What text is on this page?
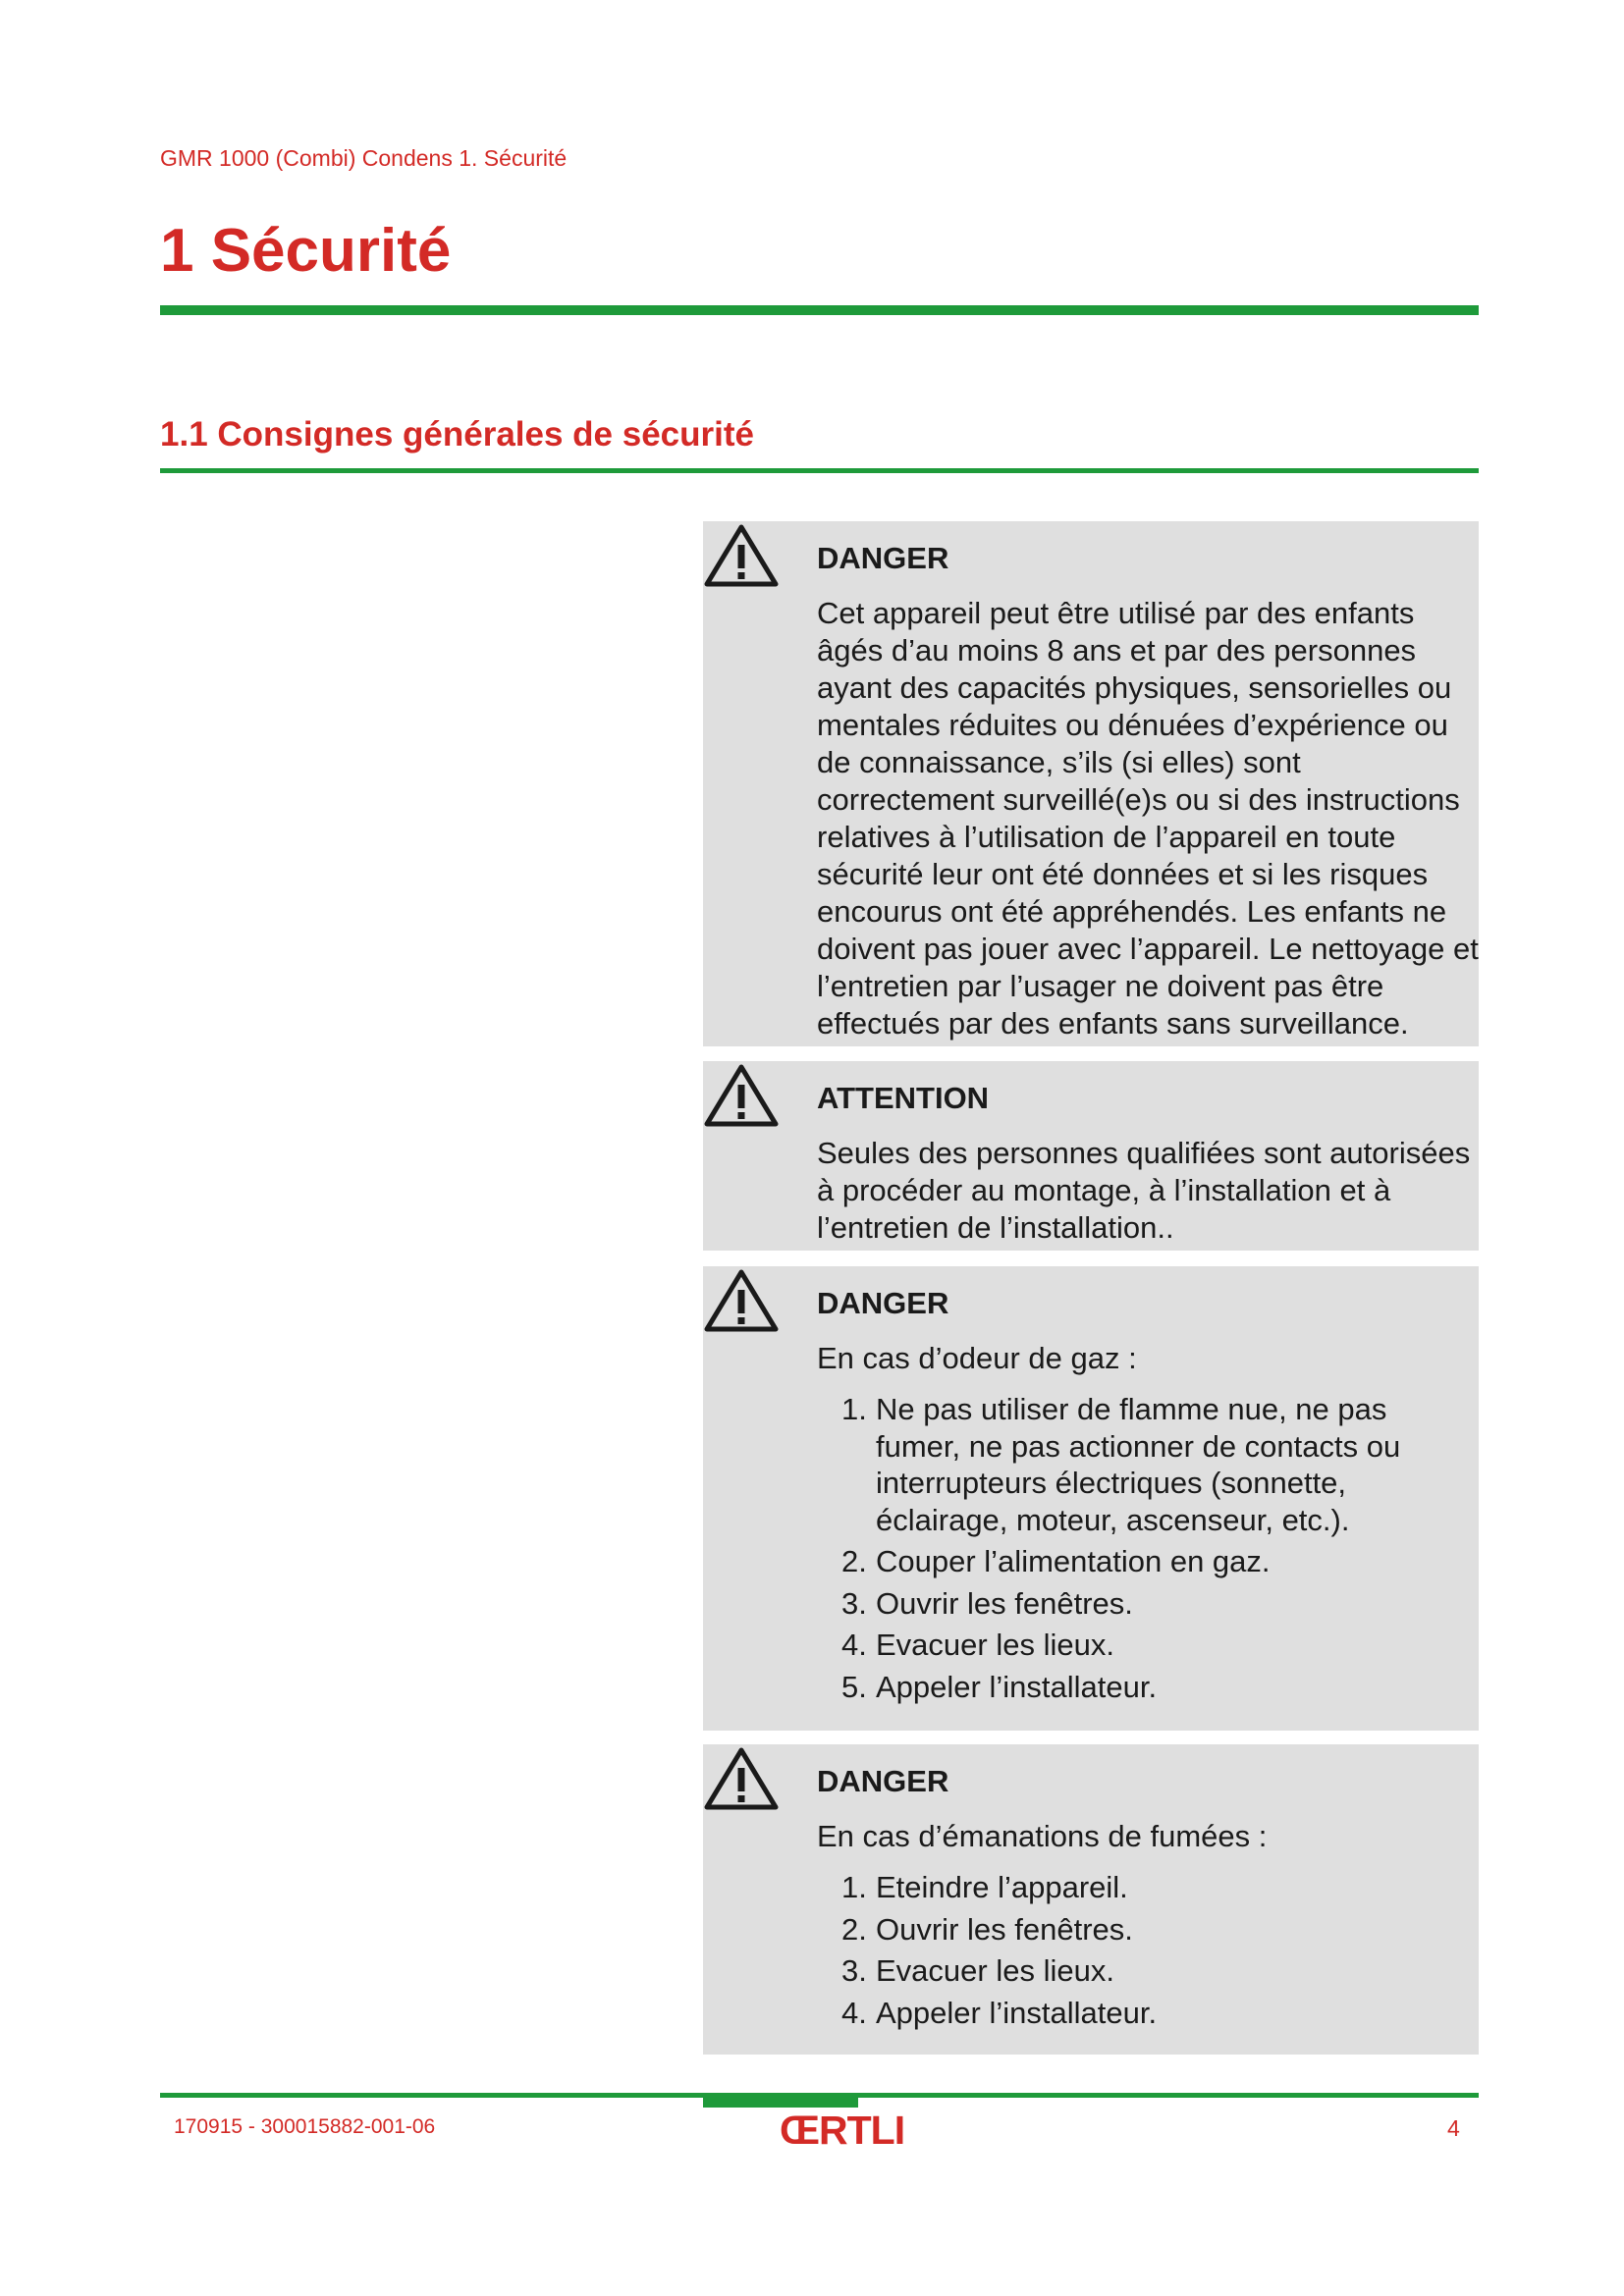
GMR 1000 (Combi) Condens 1. Sécurité
1 Sécurité
1.1 Consignes générales de sécurité
DANGER
Cet appareil peut être utilisé par des enfants âgés d’au moins 8 ans et par des personnes ayant des capacités physiques, sensorielles ou mentales réduites ou dénuées d’expérience ou de connaissance, s’ils (si elles) sont correctement surveillé(e)s ou si des instructions relatives à l’utilisation de l’appareil en toute sécurité leur ont été données et si les risques encourus ont été appréhendés. Les enfants ne doivent pas jouer avec l’appareil. Le nettoyage et l’entretien par l’usager ne doivent pas être effectués par des enfants sans surveillance.
ATTENTION
Seules des personnes qualifiées sont autorisées à procéder au montage, à l’installation et à l’entretien de l’installation..
DANGER
En cas d’odeur de gaz :
1. Ne pas utiliser de flamme nue, ne pas fumer, ne pas actionner de contacts ou interrupteurs électriques (sonnette, éclairage, moteur, ascenseur, etc.).
2. Couper l’alimentation en gaz.
3. Ouvrir les fenêtres.
4. Evacuer les lieux.
5. Appeler l’installateur.
DANGER
En cas d’émanations de fumées :
1. Eteindre l’appareil.
2. Ouvrir les fenêtres.
3. Evacuer les lieux.
4. Appeler l’installateur.
170915 - 300015882-001-06	ŒRTLI	4
